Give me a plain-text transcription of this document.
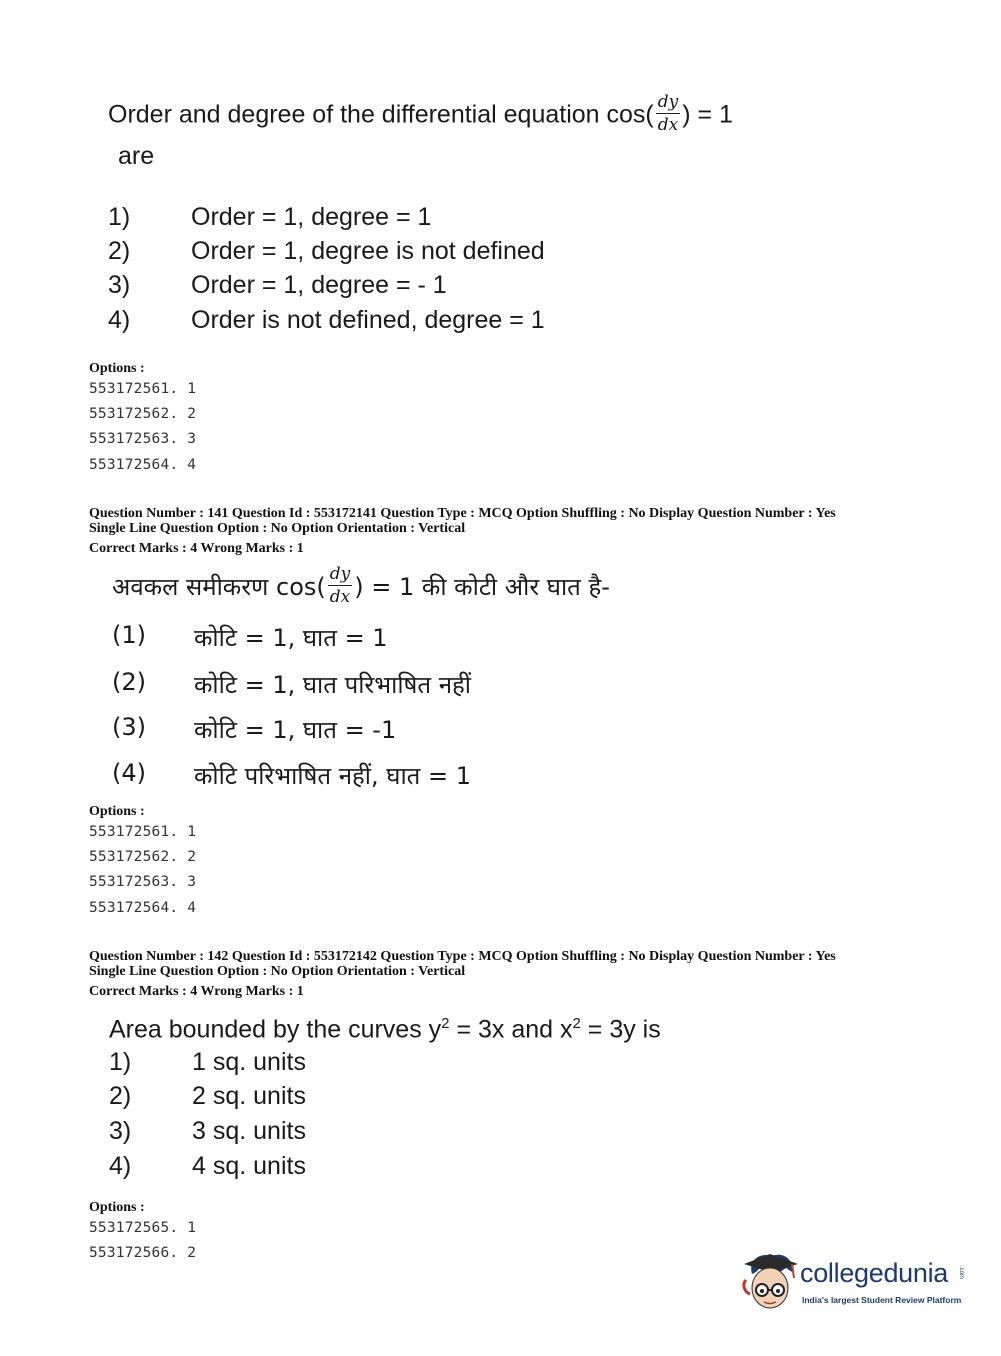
Order and degree of the differential equation $\cos( \frac{dy}{dx}$ ) = 1
are
1) Order = 1, degree = 1
2) Order = 1, degree is not defined
3) Order = 1, degree = - 1
4) Order is not defined, degree = 1
Options :
553172561. 1
553172562. 2
553172563. 3
553172564. 4
Question Number : 141 Question Id : 553172141 Question Type : MCQ Option Shuffling : No Display Question Number : Yes
Single Line Question Option : No Option Orientation : Vertical
Correct Marks : 4 Wrong Marks : 1
अवकल समीकरण $\cos( \frac{dy}{dx}$ ) = 1 की कोटी और घात है-
(1) कोटि = 1, घात = 1
(2) कोटि = 1, घात परिभाषित नहीं
(3) कोटि = 1, घात = -1
(4) कोटि परिभाषित नहीं, घात = 1
Options :
553172561. 1
553172562. 2
553172563. 3
553172564. 4
Question Number : 142 Question Id : 553172142 Question Type : MCQ Option Shuffling : No Display Question Number : Yes
Single Line Question Option : No Option Orientation : Vertical
Correct Marks : 4 Wrong Marks : 1
Area bounded by the curves $y^2 = 3x$ and $x^2 = 3y$ is
1) 1 sq. units
2) 2 sq. units
3) 3 sq. units
4) 4 sq. units
Options :
553172565. 1
553172566. 2
collegedunia .com
India's largest Student Review Platform
